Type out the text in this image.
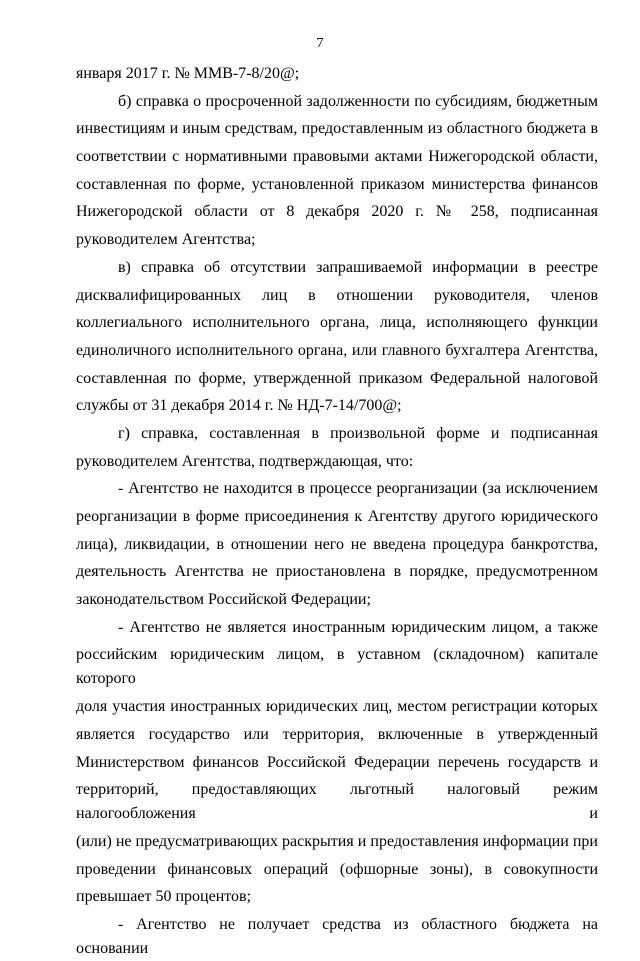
7

января 2017 г. № ММВ-7-8/20@;

б) справка о просроченной задолженности по субсидиям, бюджетным

инвестициям и иным средствам, предоставленным из областного бюджета в

соответствии с нормативными правовыми актами Нижегородской области,

составленная по форме, установленной приказом министерства финансов

Нижегородской области от 8 декабря 2020 г. № 258, подписанная

руководителем Агентства;

в) справка об отсутствии запрашиваемой информации в реестре

дисквалифицированных лиц в отношении руководителя, членов

коллегиального исполнительного органа, лица, исполняющего функции

единоличного исполнительного органа, или главного бухгалтера Агентства,

составленная по форме, утвержденной приказом Федеральной налоговой

службы от 31 декабря 2014 г. № НД-7-14/700@;

г) справка, составленная в произвольной форме и подписанная

руководителем Агентства, подтверждающая, что:

- Агентство не находится в процессе реорганизации (за исключением

реорганизации в форме присоединения к Агентству другого юридического

лица), ликвидации, в отношении него не введена процедура банкротства,

деятельность Агентства не приостановлена в порядке, предусмотренном

законодательством Российской Федерации;

- Агентство не является иностранным юридическим лицом, а также

российским юридическим лицом, в уставном (складочном) капитале которого

доля участия иностранных юридических лиц, местом регистрации которых

является государство или территория, включенные в утвержденный

Министерством финансов Российской Федерации перечень государств и

территорий, предоставляющих льготный налоговый режим налогообложения и

(или) не предусматривающих раскрытия и предоставления информации при

проведении финансовых операций (офшорные зоны), в совокупности

превышает 50 процентов;

- Агентство не получает средства из областного бюджета на основании
